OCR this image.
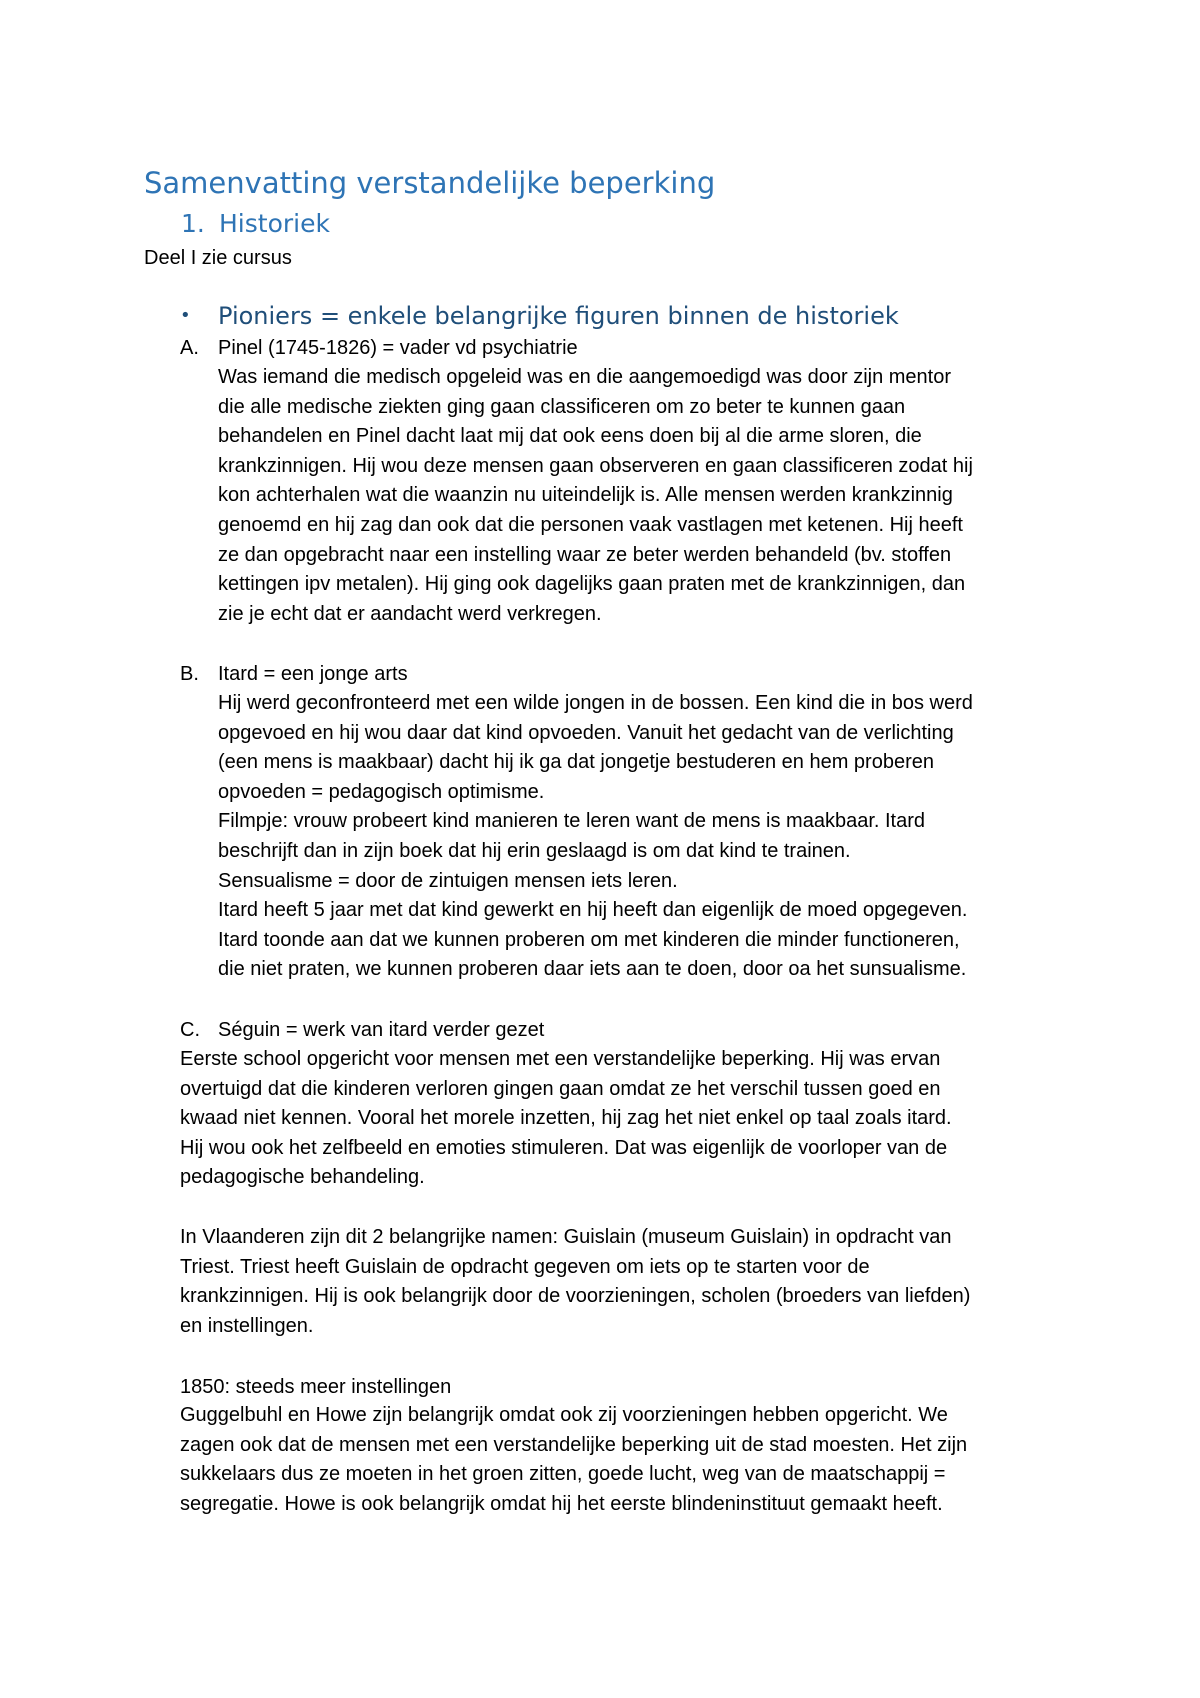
Samenvatting verstandelijke beperking
1. Historiek
Deel I zie cursus
• Pioniers = enkele belangrijke figuren binnen de historiek
A. Pinel (1745-1826) = vader vd psychiatrie
Was iemand die medisch opgeleid was en die aangemoedigd was door zijn mentor
die alle medische ziekten ging gaan classificeren om zo beter te kunnen gaan
behandelen en Pinel dacht laat mij dat ook eens doen bij al die arme sloren, die
krankzinnigen. Hij wou deze mensen gaan observeren en gaan classificeren zodat hij
kon achterhalen wat die waanzin nu uiteindelijk is. Alle mensen werden krankzinnig
genoemd en hij zag dan ook dat die personen vaak vastlagen met ketenen. Hij heeft
ze dan opgebracht naar een instelling waar ze beter werden behandeld (bv. stoffen
kettingen ipv metalen). Hij ging ook dagelijks gaan praten met de krankzinnigen, dan
zie je echt dat er aandacht werd verkregen.
B. Itard = een jonge arts
Hij werd geconfronteerd met een wilde jongen in de bossen. Een kind die in bos werd
opgevoed en hij wou daar dat kind opvoeden. Vanuit het gedacht van de verlichting
(een mens is maakbaar) dacht hij ik ga dat jongetje bestuderen en hem proberen
opvoeden = pedagogisch optimisme.
Filmpje: vrouw probeert kind manieren te leren want de mens is maakbaar. Itard
beschrijft dan in zijn boek dat hij erin geslaagd is om dat kind te trainen.
Sensualisme = door de zintuigen mensen iets leren.
Itard heeft 5 jaar met dat kind gewerkt en hij heeft dan eigenlijk de moed opgegeven.
Itard toonde aan dat we kunnen proberen om met kinderen die minder functioneren,
die niet praten, we kunnen proberen daar iets aan te doen, door oa het sunsualisme.
C. Séguin = werk van itard verder gezet
Eerste school opgericht voor mensen met een verstandelijke beperking. Hij was ervan
overtuigd dat die kinderen verloren gingen gaan omdat ze het verschil tussen goed en
kwaad niet kennen. Vooral het morele inzetten, hij zag het niet enkel op taal zoals itard.
Hij wou ook het zelfbeeld en emoties stimuleren. Dat was eigenlijk de voorloper van de
pedagogische behandeling.
In Vlaanderen zijn dit 2 belangrijke namen: Guislain (museum Guislain) in opdracht van
Triest. Triest heeft Guislain de opdracht gegeven om iets op te starten voor de
krankzinnigen. Hij is ook belangrijk door de voorzieningen, scholen (broeders van liefden)
en instellingen.
1850: steeds meer instellingen
Guggelbuhl en Howe zijn belangrijk omdat ook zij voorzieningen hebben opgericht. We
zagen ook dat de mensen met een verstandelijke beperking uit de stad moesten. Het zijn
sukkelaars dus ze moeten in het groen zitten, goede lucht, weg van de maatschappij =
segregatie. Howe is ook belangrijk omdat hij het eerste blindeninstituut gemaakt heeft.
